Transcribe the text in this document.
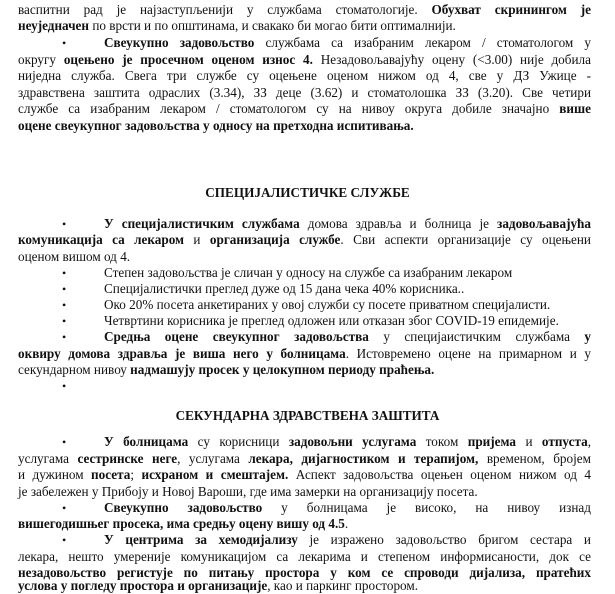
васпитни рад је најзаступљенији у службама стоматологије. Обухват скринингом је

неуједначен по врсти и по општинама, и свакако би могао бити оптималнији.

•	Свеукупно задовољство службама са изабраним лекаром / стоматологом у

округу оцењено је просечном оценом износ 4. Незадовољавајућу оцену (<3.00) није добила

ниједна служба. Свега три службе су оцењене оценом нижом од 4, све у ДЗ Ужице -

здравствена заштита одраслих (3.34), ЗЗ деце (3.62) и стоматолошка ЗЗ (3.20). Све четири

службе са изабраним лекаром / стоматологом су на нивоу округа добиле значајно више

оцене свеукупног задовољства у односу на претходна испитивања.

СПЕЦИЈАЛИСТИЧКЕ СЛУЖБЕ

•	У специјалистичким службама домова здравља и болница је задовољавајућа

комуникација са лекаром и организација службе. Сви аспекти организације су оцењени

оценом вишом од 4.

•	Степен задовољства је сличан у односу на службе са изабраним лекаром

•	Специјалистички преглед дуже од 15 дана чека 40% корисника..

•	Око 20% посета анкетираних у овој служби су посете приватном специјалисти.

•	Четвртини корисника је преглед одложен или отказан због COVID-19 епидемије.

•	Средња оцене свеукупног задовољства у специјаистичким службама у

оквиру домова здравља је виша него у болницама. Истовремено оцене на примарном и у

секундарном нивоу надмашују просек у целокупном периоду праћења.

•

СЕКУНДАРНА ЗДРАВСТВЕНА ЗАШТИТА

•	У болницама су корисници задовољни услугама током пријема и отпуста,

услугама сестринске неге, услугама лекара, дијагностиком и терапијом, временом, бројем

и дужином посета; исхраном и смештајем. Аспект задовољства оцењен оценом нижом од 4

је забележен у Прибоју и Новој Вароши, где има замерки на организацију посета.

•	Свеукупно задовољство у болницама је високо, на нивоу изнад

вишегодишњег просека, има средњу оцену вишу од 4.5.

•	У центрима за хемодијализу је изражено задовољство бригом сестара и

лекара, нешто умереније комуникацијом са лекарима и степеном информисаности, док се

незадовољство регистује по питању простора у ком се спроводи дијализа, пратећих

услова у погледу простора и организације, као и паркинг простором.
